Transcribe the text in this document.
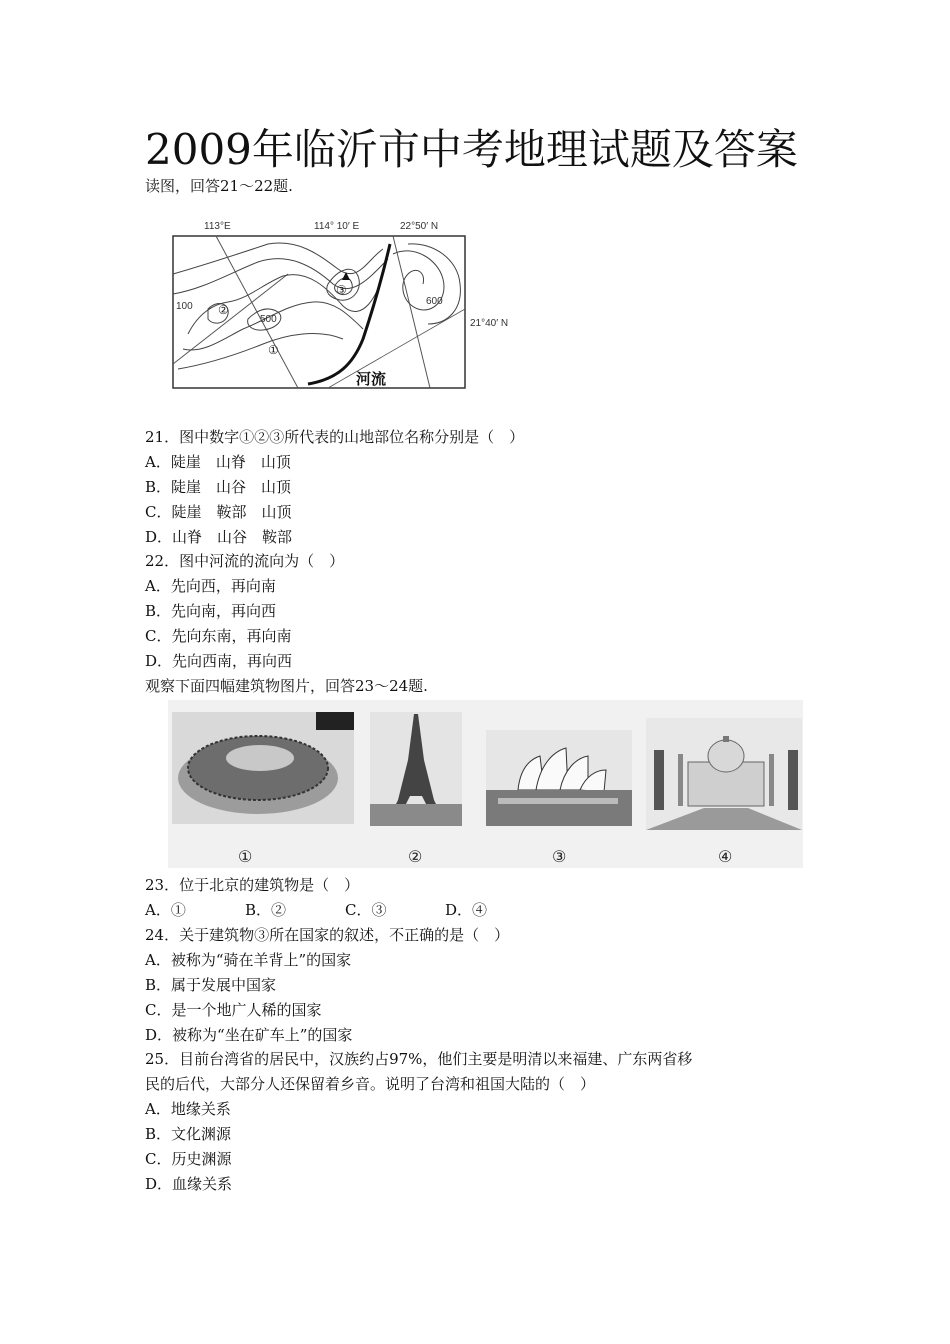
2009年临沂市中考地理试题及答案
读图，回答21～22题.
113°E	114° 10′ E	22°50′ N
21°40′ N
100
500
600
①
②
③
河流
21．图中数字①②③所代表的山地部位名称分别是（　）
A．陡崖　山脊　山顶
B．陡崖　山谷　山顶
C．陡崖　鞍部　山顶
D．山脊　山谷　鞍部
22．图中河流的流向为（　）
A．先向西，再向南
B．先向南，再向西
C．先向东南，再向南
D．先向西南，再向西
观察下面四幅建筑物图片，回答23～24题.
①	②	③	④
23．位于北京的建筑物是（　）
A．①	B．②	C．③	D．④
24．关于建筑物③所在国家的叙述，不正确的是（　）
A．被称为“骑在羊背上”的国家
B．属于发展中国家
C．是一个地广人稀的国家
D．被称为“坐在矿车上”的国家
25．目前台湾省的居民中，汉族约占97%，他们主要是明清以来福建、广东两省移
民的后代，大部分人还保留着乡音。说明了台湾和祖国大陆的（　）
A．地缘关系
B．文化渊源
C．历史渊源
D．血缘关系
